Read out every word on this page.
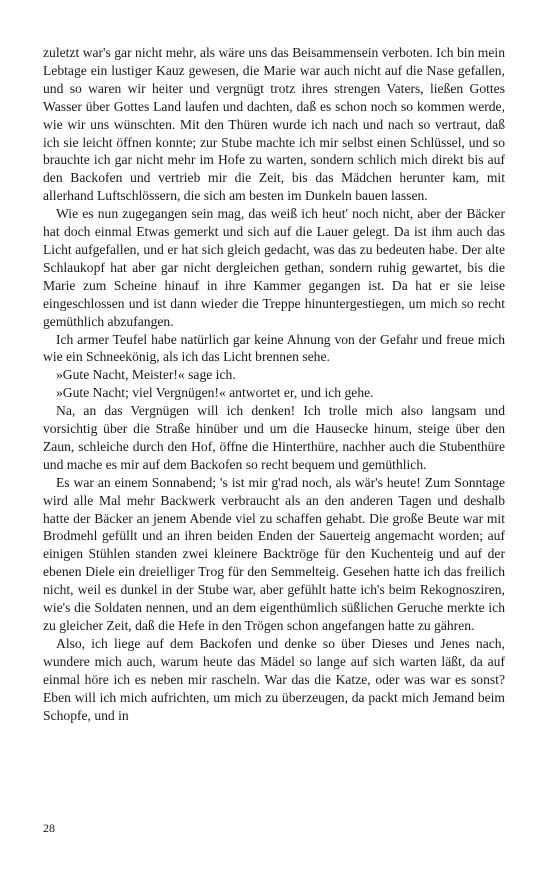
zuletzt war's gar nicht mehr, als wäre uns das Beisammensein verboten. Ich bin mein Lebtage ein lustiger Kauz gewesen, die Marie war auch nicht auf die Nase gefallen, und so waren wir heiter und vergnügt trotz ihres strengen Vaters, ließen Gottes Wasser über Gottes Land laufen und dachten, daß es schon noch so kommen werde, wie wir uns wünschten. Mit den Thüren wurde ich nach und nach so vertraut, daß ich sie leicht öffnen konnte; zur Stube machte ich mir selbst einen Schlüssel, und so brauchte ich gar nicht mehr im Hofe zu warten, sondern schlich mich direkt bis auf den Backofen und vertrieb mir die Zeit, bis das Mädchen herunter kam, mit allerhand Luftschlössern, die sich am besten im Dunkeln bauen lassen.

Wie es nun zugegangen sein mag, das weiß ich heut' noch nicht, aber der Bäcker hat doch einmal Etwas gemerkt und sich auf die Lauer gelegt. Da ist ihm auch das Licht aufgefallen, und er hat sich gleich gedacht, was das zu bedeuten habe. Der alte Schlaukopf hat aber gar nicht dergleichen gethan, sondern ruhig gewartet, bis die Marie zum Scheine hinauf in ihre Kammer gegangen ist. Da hat er sie leise eingeschlossen und ist dann wieder die Treppe hinuntergestiegen, um mich so recht gemüthlich abzufangen.

Ich armer Teufel habe natürlich gar keine Ahnung von der Gefahr und freue mich wie ein Schneekönig, als ich das Licht brennen sehe.

»Gute Nacht, Meister!« sage ich.

»Gute Nacht; viel Vergnügen!« antwortet er, und ich gehe.

Na, an das Vergnügen will ich denken! Ich trolle mich also langsam und vorsichtig über die Straße hinüber und um die Hausecke hinum, steige über den Zaun, schleiche durch den Hof, öffne die Hinterthüre, nachher auch die Stubenthüre und mache es mir auf dem Backofen so recht bequem und gemüthlich.

Es war an einem Sonnabend; 's ist mir g'rad noch, als wär's heute! Zum Sonntage wird alle Mal mehr Backwerk verbraucht als an den anderen Tagen und deshalb hatte der Bäcker an jenem Abende viel zu schaffen gehabt. Die große Beute war mit Brodmehl gefüllt und an ihren beiden Enden der Sauerteig angemacht worden; auf einigen Stühlen standen zwei kleinere Backtröge für den Kuchenteig und auf der ebenen Diele ein dreielliger Trog für den Semmelteig. Gesehen hatte ich das freilich nicht, weil es dunkel in der Stube war, aber gefühlt hatte ich's beim Rekognosziren, wie's die Soldaten nennen, und an dem eigenthümlich süßlichen Geruche merkte ich zu gleicher Zeit, daß die Hefe in den Trögen schon angefangen hatte zu gähren.

Also, ich liege auf dem Backofen und denke so über Dieses und Jenes nach, wundere mich auch, warum heute das Mädel so lange auf sich warten läßt, da auf einmal höre ich es neben mir rascheln. War das die Katze, oder was war es sonst? Eben will ich mich aufrichten, um mich zu überzeugen, da packt mich Jemand beim Schopfe, und in

28
